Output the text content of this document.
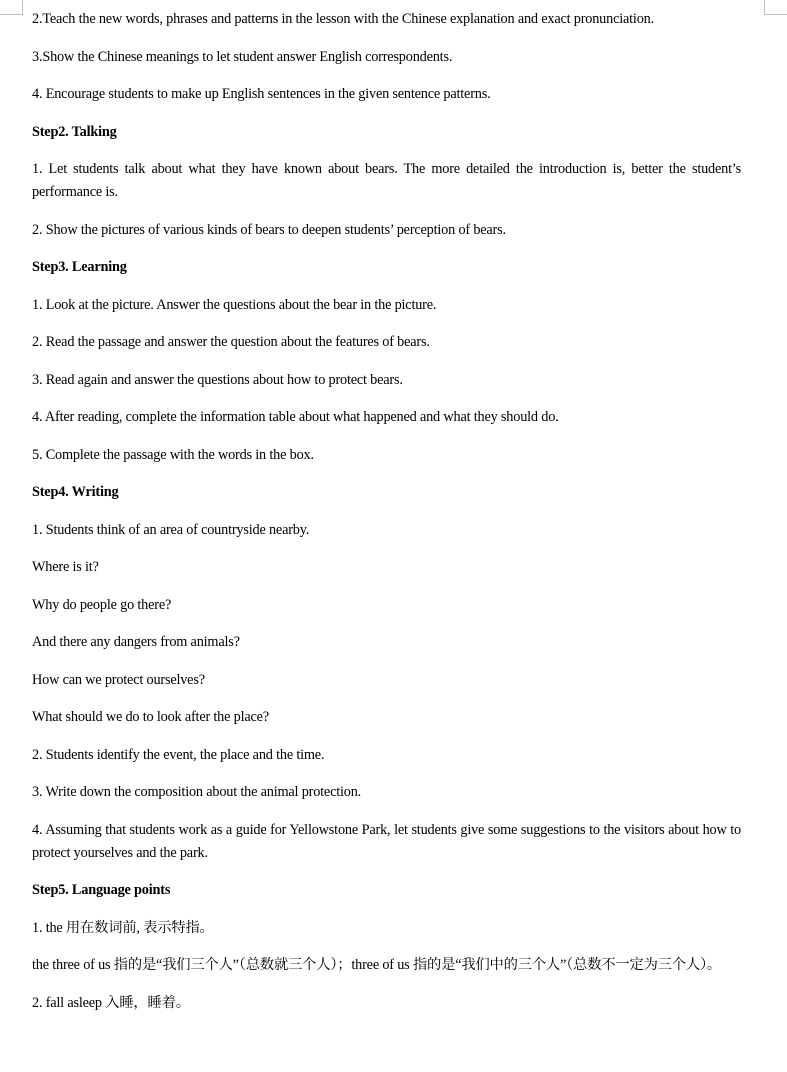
2.Teach the new words, phrases and patterns in the lesson with the Chinese explanation and exact pronunciation.

3.Show the Chinese meanings to let student answer English correspondents.

4. Encourage students to make up English sentences in the given sentence patterns.

Step2. Talking

1. Let students talk about what they have known about bears. The more detailed the introduction is, better the student’s performance is.

2. Show the pictures of various kinds of bears to deepen students’ perception of bears.

Step3. Learning

1. Look at the picture. Answer the questions about the bear in the picture.

2. Read the passage and answer the question about the features of bears.

3. Read again and answer the questions about how to protect bears.

4. After reading, complete the information table about what happened and what they should do.

5. Complete the passage with the words in the box.

Step4. Writing

1. Students think of an area of countryside nearby.

Where is it?

Why do people go there?

And there any dangers from animals?

How can we protect ourselves?

What should we do to look after the place?

2. Students identify the event, the place and the time.

3. Write down the composition about the animal protection.

4. Assuming that students work as a guide for Yellowstone Park, let students give some suggestions to the visitors about how to protect yourselves and the park.

Step5. Language points

1. the 用在数词前, 表示特指。

the three of us 指的是“我们三个人”（总数就三个人）；three of us 指的是“我们中的三个人”（总数不一定为三个人）。

2. fall asleep 入睡，睡着。
